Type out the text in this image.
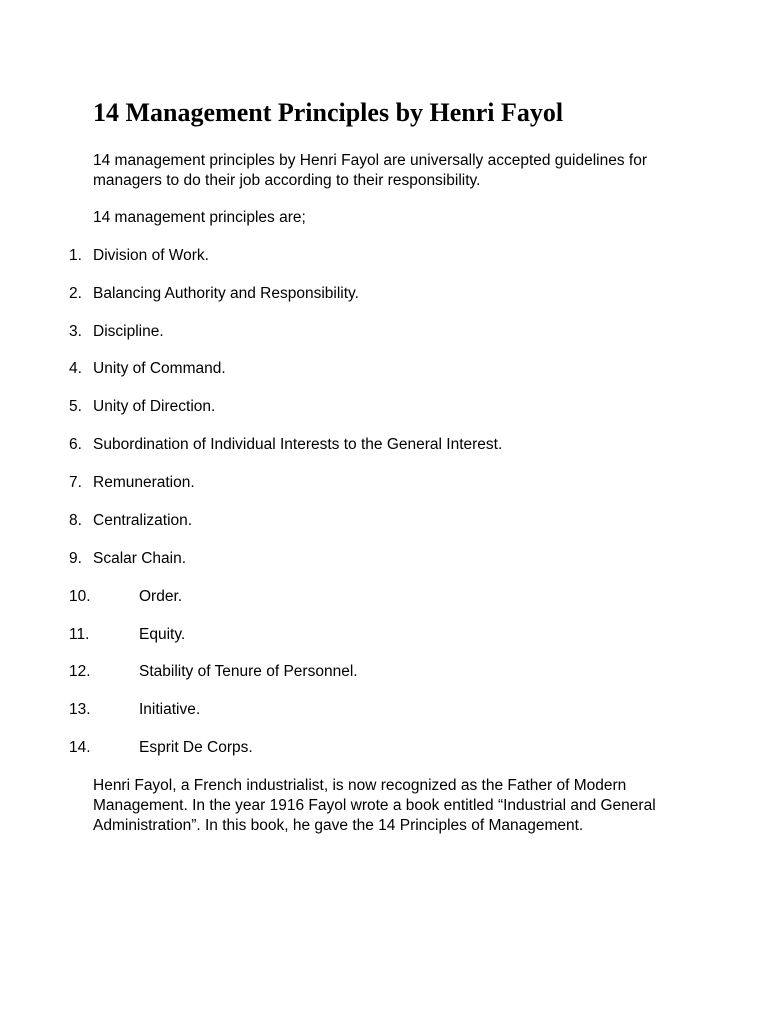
14 Management Principles by Henri Fayol

14 management principles by Henri Fayol are universally accepted guidelines for managers to do their job according to their responsibility.

14 management principles are;

1. Division of Work.
2. Balancing Authority and Responsibility.
3. Discipline.
4. Unity of Command.
5. Unity of Direction.
6. Subordination of Individual Interests to the General Interest.
7. Remuneration.
8. Centralization.
9. Scalar Chain.
10.	Order.
11.	Equity.
12.	Stability of Tenure of Personnel.
13.	Initiative.
14.	Esprit De Corps.

Henri Fayol, a French industrialist, is now recognized as the Father of Modern Management. In the year 1916 Fayol wrote a book entitled “Industrial and General Administration”. In this book, he gave the 14 Principles of Management.
